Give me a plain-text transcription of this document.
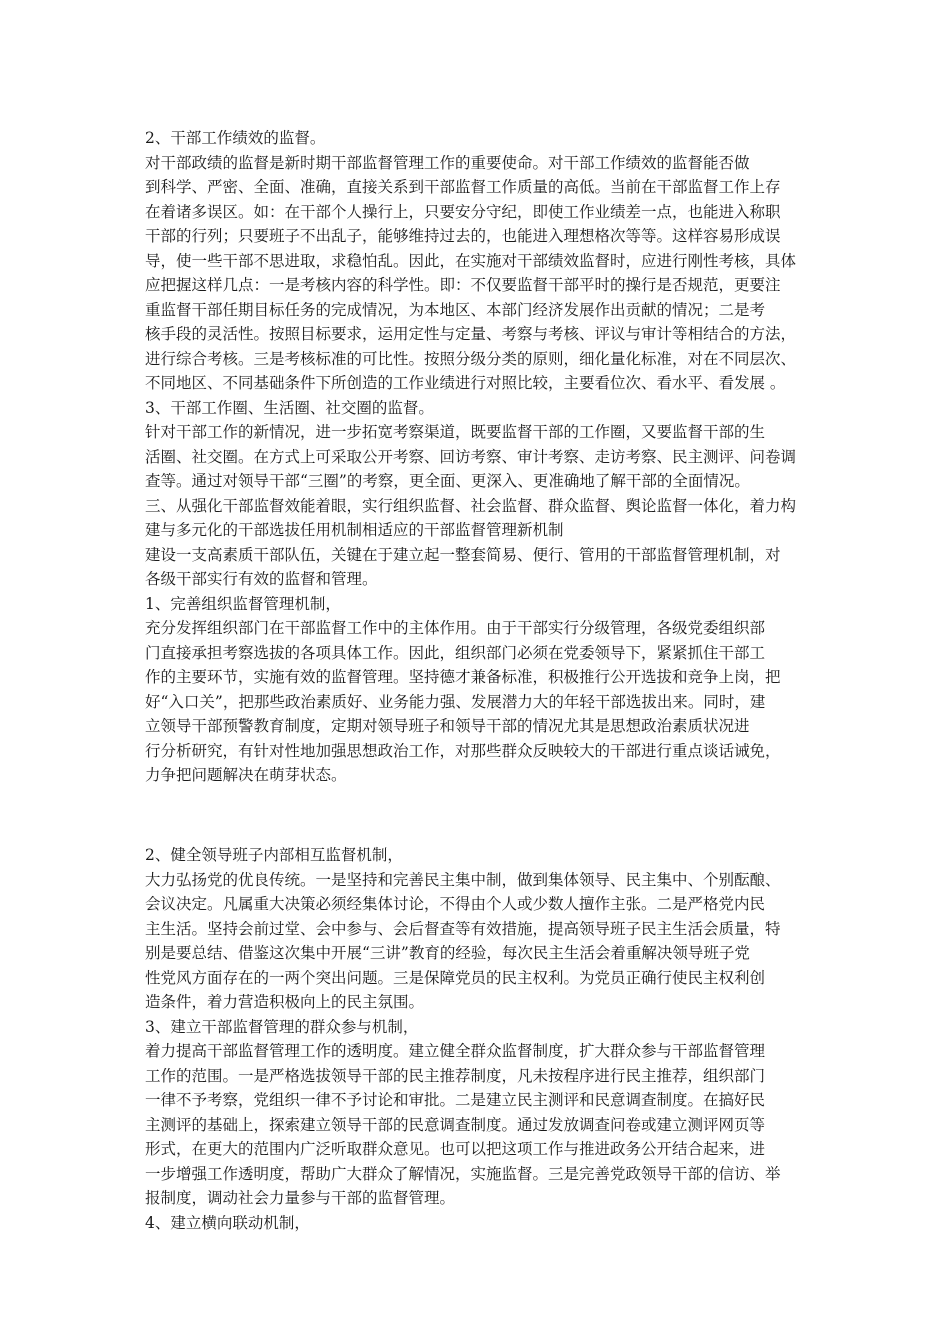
2、干部工作绩效的监督。

对干部政绩的监督是新时期干部监督管理工作的重要使命。对干部工作绩效的监督能否做

到科学、严密、全面、准确，直接关系到干部监督工作质量的高低。当前在干部监督工作上存

在着诸多误区。如：在干部个人操行上，只要安分守纪，即使工作业绩差一点，也能进入称职

干部的行列；只要班子不出乱子，能够维持过去的，也能进入理想格次等等。这样容易形成误

导，使一些干部不思进取，求稳怕乱。因此，在实施对干部绩效监督时，应进行刚性考核，具体

应把握这样几点：一是考核内容的科学性。即：不仅要监督干部平时的操行是否规范，更要注

重监督干部任期目标任务的完成情况，为本地区、本部门经济发展作出贡献的情况；二是考

核手段的灵活性。按照目标要求，运用定性与定量、考察与考核、评议与审计等相结合的方法，

进行综合考核。三是考核标准的可比性。按照分级分类的原则，细化量化标准，对在不同层次、

不同地区、不同基础条件下所创造的工作业绩进行对照比较，主要看位次、看水平、看发展 。

3、干部工作圈、生活圈、社交圈的监督。

针对干部工作的新情况，进一步拓宽考察渠道，既要监督干部的工作圈，又要监督干部的生

活圈、社交圈。在方式上可采取公开考察、回访考察、审计考察、走访考察、民主测评、问卷调

查等。通过对领导干部“三圈”的考察，更全面、更深入、更准确地了解干部的全面情况。

三、从强化干部监督效能着眼，实行组织监督、社会监督、群众监督、舆论监督一体化，着力构

建与多元化的干部选拔任用机制相适应的干部监督管理新机制

建设一支高素质干部队伍，关键在于建立起一整套简易、便行、管用的干部监督管理机制，对

各级干部实行有效的监督和管理。

1、完善组织监督管理机制，

充分发挥组织部门在干部监督工作中的主体作用。由于干部实行分级管理，各级党委组织部

门直接承担考察选拔的各项具体工作。因此，组织部门必须在党委领导下，紧紧抓住干部工

作的主要环节，实施有效的监督管理。坚持德才兼备标准，积极推行公开选拔和竞争上岗，把

好“入口关”，把那些政治素质好、业务能力强、发展潜力大的年轻干部选拔出来。同时，建

立领导干部预警教育制度，定期对领导班子和领导干部的情况尤其是思想政治素质状况进

行分析研究，有针对性地加强思想政治工作，对那些群众反映较大的干部进行重点谈话诫免，

力争把问题解决在萌芽状态。

2、健全领导班子内部相互监督机制，

大力弘扬党的优良传统。一是坚持和完善民主集中制，做到集体领导、民主集中、个别酝酿、

会议决定。凡属重大决策必须经集体讨论，不得由个人或少数人擅作主张。二是严格党内民

主生活。坚持会前过堂、会中参与、会后督查等有效措施，提高领导班子民主生活会质量，特

别是要总结、借鉴这次集中开展“三讲”教育的经验，每次民主生活会着重解决领导班子党

性党风方面存在的一两个突出问题。三是保障党员的民主权利。为党员正确行使民主权利创

造条件，着力营造积极向上的民主氛围。

3、建立干部监督管理的群众参与机制，

着力提高干部监督管理工作的透明度。建立健全群众监督制度，扩大群众参与干部监督管理

工作的范围。一是严格选拔领导干部的民主推荐制度，凡未按程序进行民主推荐，组织部门

一律不予考察，党组织一律不予讨论和审批。二是建立民主测评和民意调查制度。在搞好民

主测评的基础上，探索建立领导干部的民意调查制度。通过发放调查问卷或建立测评网页等

形式，在更大的范围内广泛听取群众意见。也可以把这项工作与推进政务公开结合起来，进

一步增强工作透明度，帮助广大群众了解情况，实施监督。三是完善党政领导干部的信访、举

报制度，调动社会力量参与干部的监督管理。

4、建立横向联动机制，
